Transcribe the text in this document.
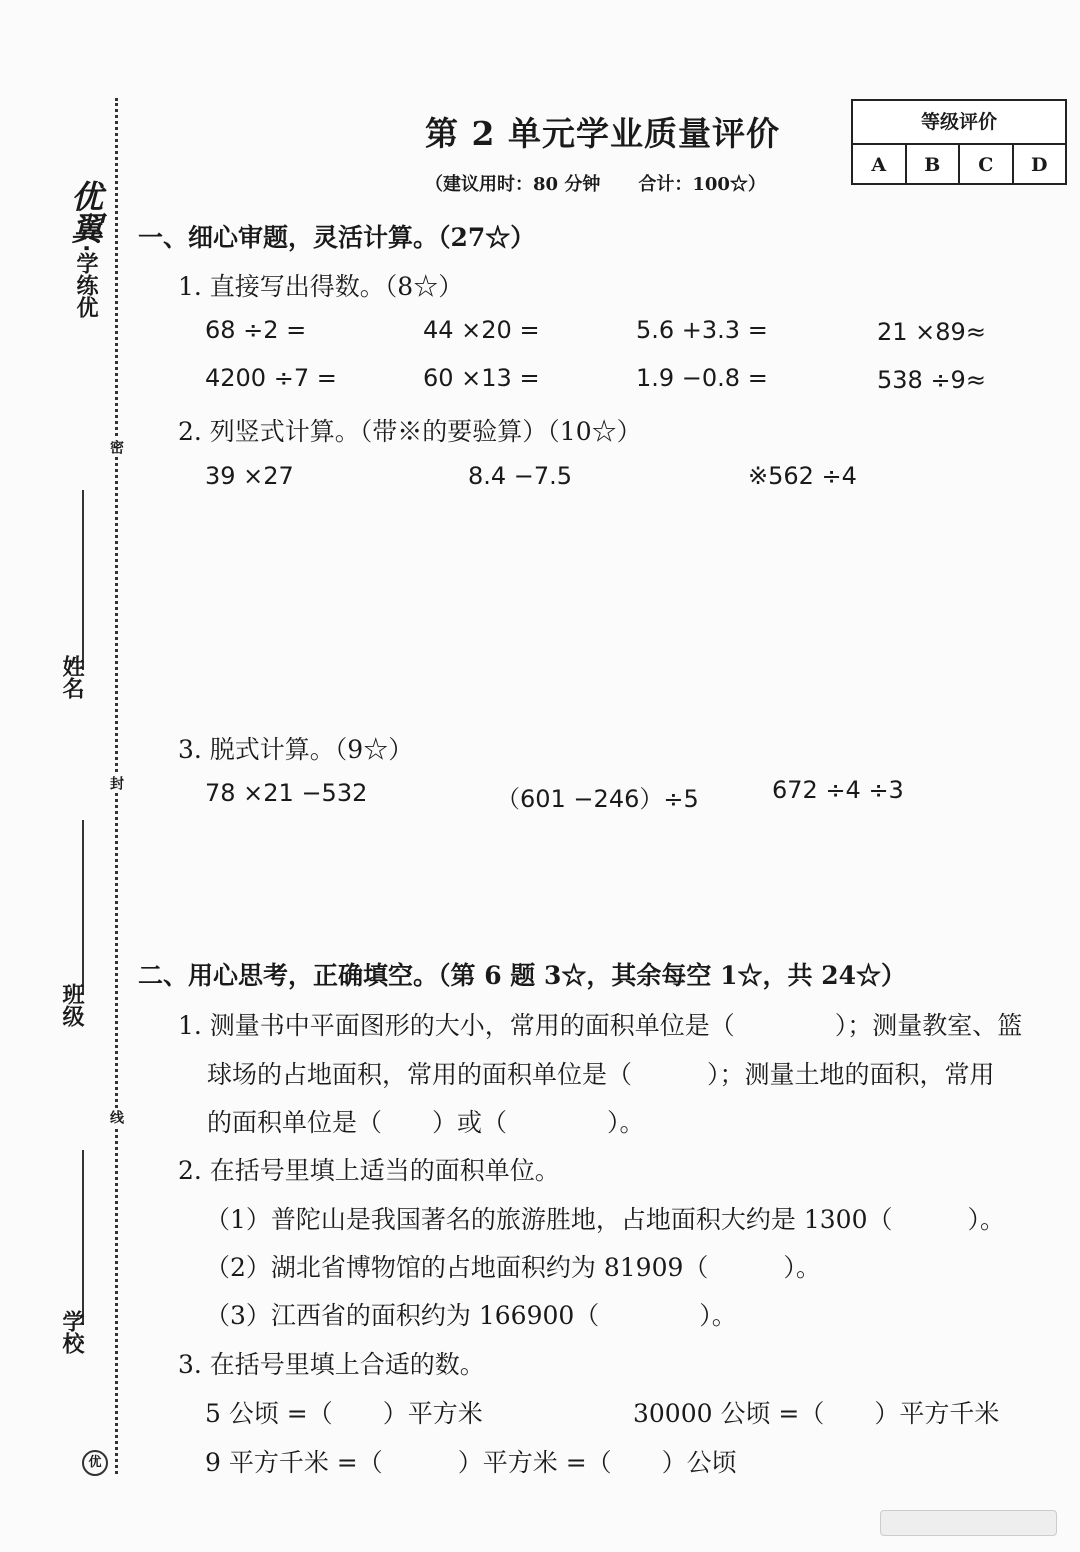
优翼·学练优
密
封
线
姓名
班级
学校
优
第 2 单元学业质量评价
（建议用时：80 分钟 合计：100☆）
等级评价
A	B	C	D
一、细心审题，灵活计算。（27☆）
1. 直接写出得数。（8☆）
68 ÷2 =	44 ×20 =	5.6 +3.3 =	21 ×89≈
4200 ÷7 =	60 ×13 =	1.9 −0.8 =	538 ÷9≈
2. 列竖式计算。（带※的要验算）（10☆）
39 ×27	8.4 −7.5	※562 ÷4
3. 脱式计算。（9☆）
78 ×21 −532	（601 −246）÷5	672 ÷4 ÷3
二、用心思考，正确填空。（第 6 题 3☆，其余每空 1☆，共 24☆）
1. 测量书中平面图形的大小，常用的面积单位是（　　　　）；测量教室、篮
球场的占地面积，常用的面积单位是（　　　）；测量土地的面积，常用
的面积单位是（　　）或（　　　　）。
2. 在括号里填上适当的面积单位。
（1）普陀山是我国著名的旅游胜地，占地面积大约是 1300（　　　）。
（2）湖北省博物馆的占地面积约为 81909（　　　）。
（3）江西省的面积约为 166900（　　　　）。
3. 在括号里填上合适的数。
5 公顷 =（　　）平方米	30000 公顷 =（　　）平方千米
9 平方千米 =（　　　）平方米 =（　　）公顷
